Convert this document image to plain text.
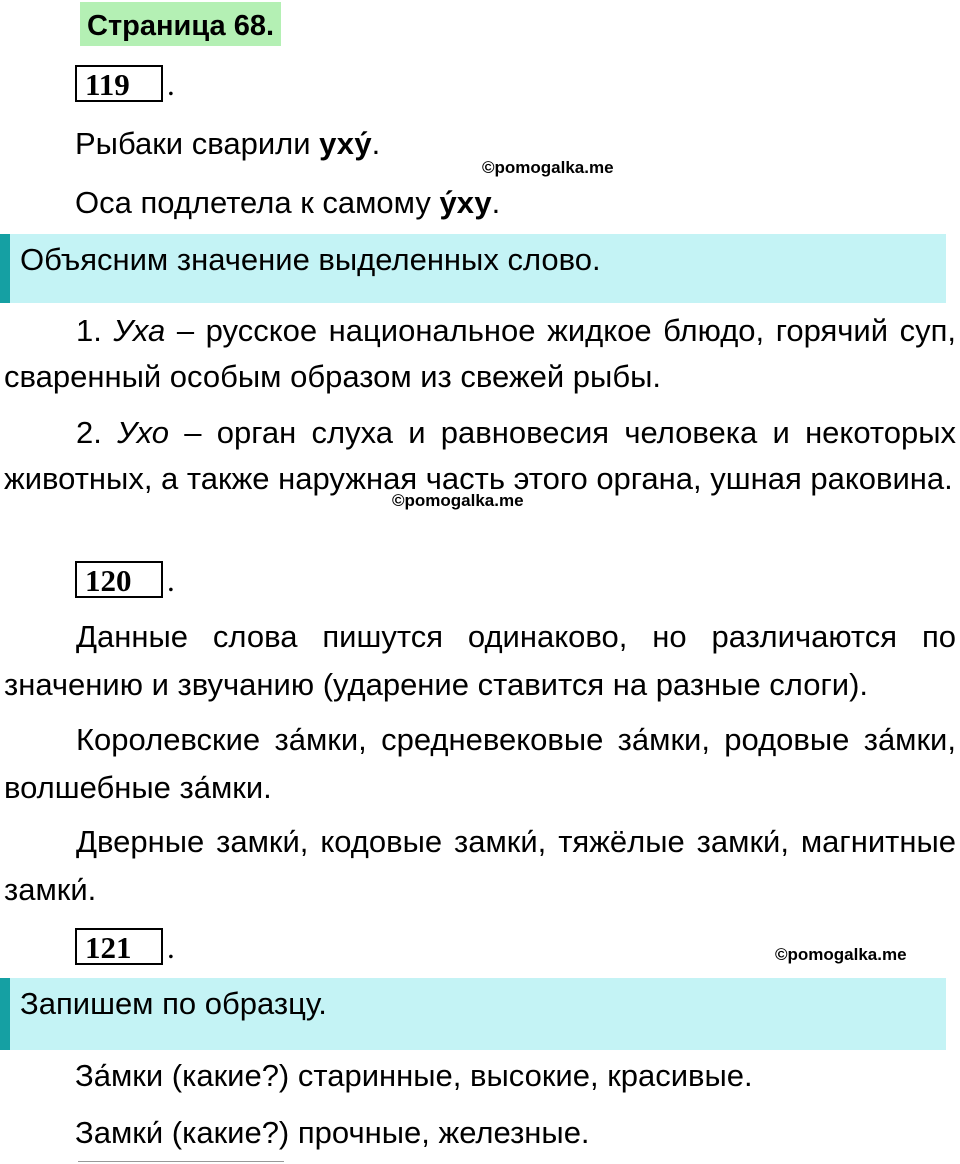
Страница 68.
119 .
Рыбаки сварили уху́.
©pomogalka.me
Оса подлетела к самому у́ху.
Объясним значение выделенных слово.

1. Уха – русское национальное жидкое блюдо, горячий суп, сваренный особым образом из свежей рыбы.

2. Ухо – орган слуха и равновесия человека и некоторых животных, а также наружная часть этого органа, ушная раковина.

©pomogalka.me
120 .

Данные слова пишутся одинаково, но различаются по значению и звучанию (ударение ставится на разные слоги).

Королевские за́мки, средневековые за́мки, родовые за́мки, волшебные за́мки.

Дверные замки́, кодовые замки́, тяжёлые замки́, магнитные замки́.

121 .	©pomogalka.me
Запишем по образцу.
За́мки (какие?) старинные, высокие, красивые.
Замки́ (какие?) прочные, железные.
